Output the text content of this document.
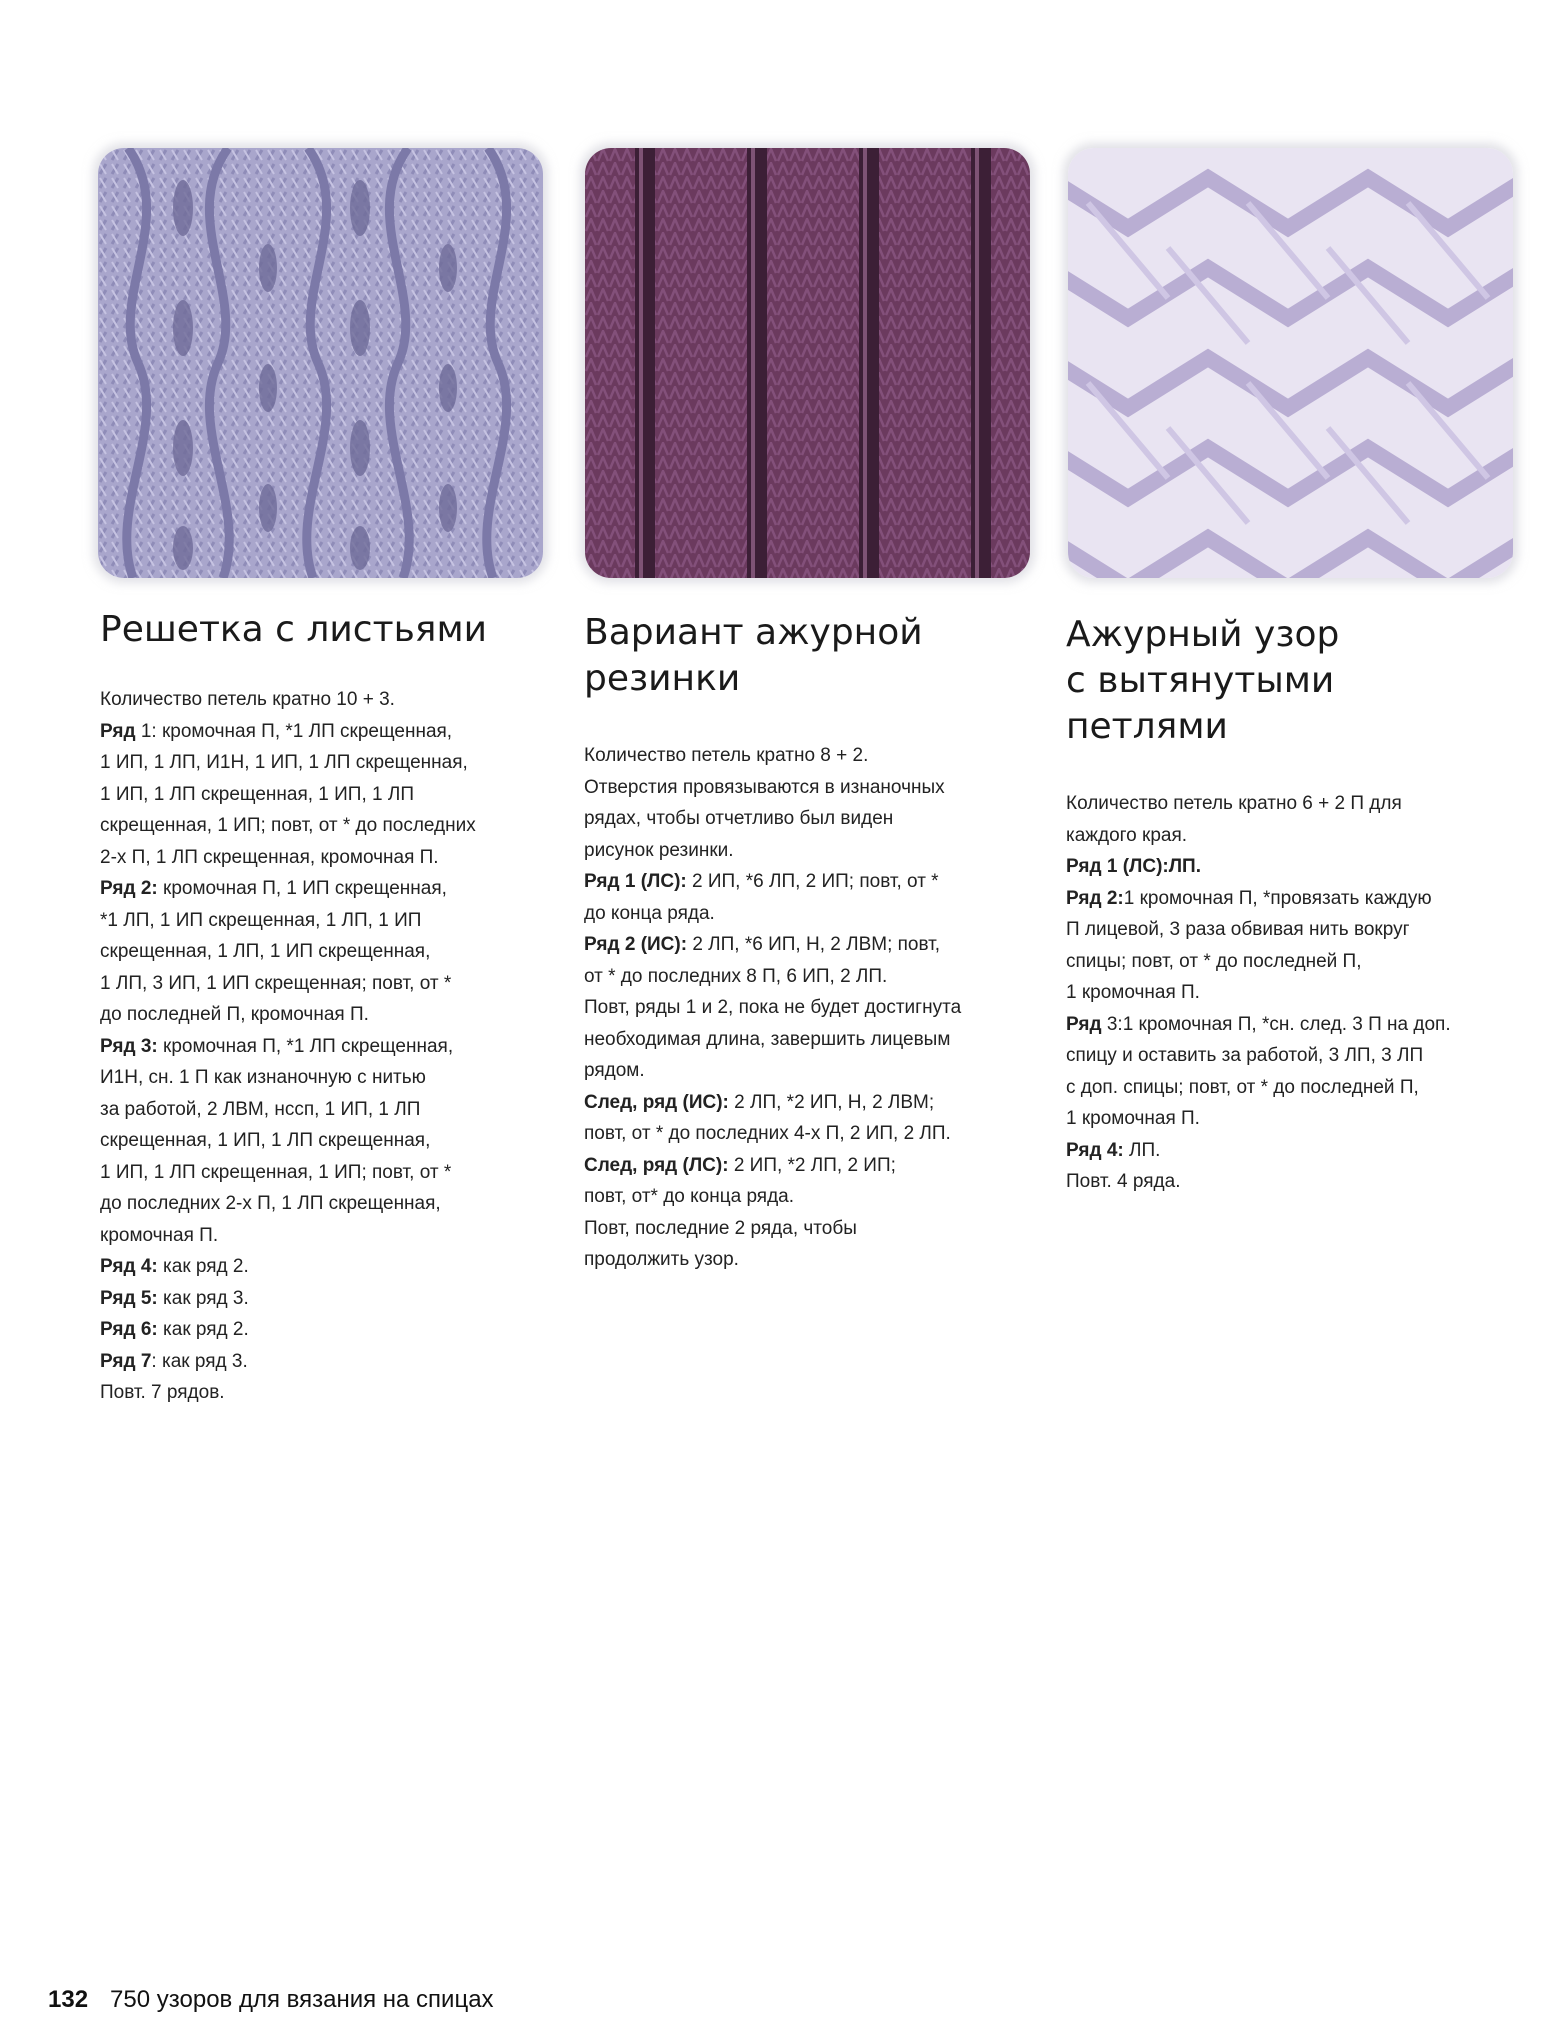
Решетка с листьями
Количество петель кратно 10 + 3.
Ряд 1: кромочная П, *1 ЛП скрещенная,
1 ИП, 1 ЛП, И1Н, 1 ИП, 1 ЛП скрещенная,
1 ИП, 1 ЛП скрещенная, 1 ИП, 1 ЛП
скрещенная, 1 ИП; повт, от * до последних
2-х П, 1 ЛП скрещенная, кромочная П.
Ряд 2: кромочная П, 1 ИП скрещенная,
*1 ЛП, 1 ИП скрещенная, 1 ЛП, 1 ИП
скрещенная, 1 ЛП, 1 ИП скрещенная,
1 ЛП, 3 ИП, 1 ИП скрещенная; повт, от *
до последней П, кромочная П.
Ряд 3: кромочная П, *1 ЛП скрещенная,
И1Н, сн. 1 П как изнаночную с нитью
за работой, 2 ЛВМ, нссп, 1 ИП, 1 ЛП
скрещенная, 1 ИП, 1 ЛП скрещенная,
1 ИП, 1 ЛП скрещенная, 1 ИП; повт, от *
до последних 2-х П, 1 ЛП скрещенная,
кромочная П.
Ряд 4: как ряд 2.
Ряд 5: как ряд 3.
Ряд 6: как ряд 2.
Ряд 7: как ряд 3.
Повт. 7 рядов.
Вариант ажурной
резинки
Количество петель кратно 8 + 2.
Отверстия провязываются в изнаночных
рядах, чтобы отчетливо был виден
рисунок резинки.
Ряд 1 (ЛС): 2 ИП, *6 ЛП, 2 ИП; повт, от *
до конца ряда.
Ряд 2 (ИС): 2 ЛП, *6 ИП, Н, 2 ЛВМ; повт,
от * до последних 8 П, 6 ИП, 2 ЛП.
Повт, ряды 1 и 2, пока не будет достигнута
необходимая длина, завершить лицевым
рядом.
След, ряд (ИС): 2 ЛП, *2 ИП, Н, 2 ЛВМ;
повт, от * до последних 4-х П, 2 ИП, 2 ЛП.
След, ряд (ЛС): 2 ИП, *2 ЛП, 2 ИП;
повт, от* до конца ряда.
Повт, последние 2 ряда, чтобы
продолжить узор.
Ажурный узор
с вытянутыми
петлями
Количество петель кратно 6 + 2 П для
каждого края.
Ряд 1 (ЛС):ЛП.
Ряд 2:1 кромочная П, *провязать каждую
П лицевой, 3 раза обвивая нить вокруг
спицы; повт, от * до последней П,
1 кромочная П.
Ряд 3:1 кромочная П, *сн. след. 3 П на доп.
спицу и оставить за работой, 3 ЛП, 3 ЛП
с доп. спицы; повт, от * до последней П,
1 кромочная П.
Ряд 4: ЛП.
Повт. 4 ряда.
132 750 узоров для вязания на спицах
